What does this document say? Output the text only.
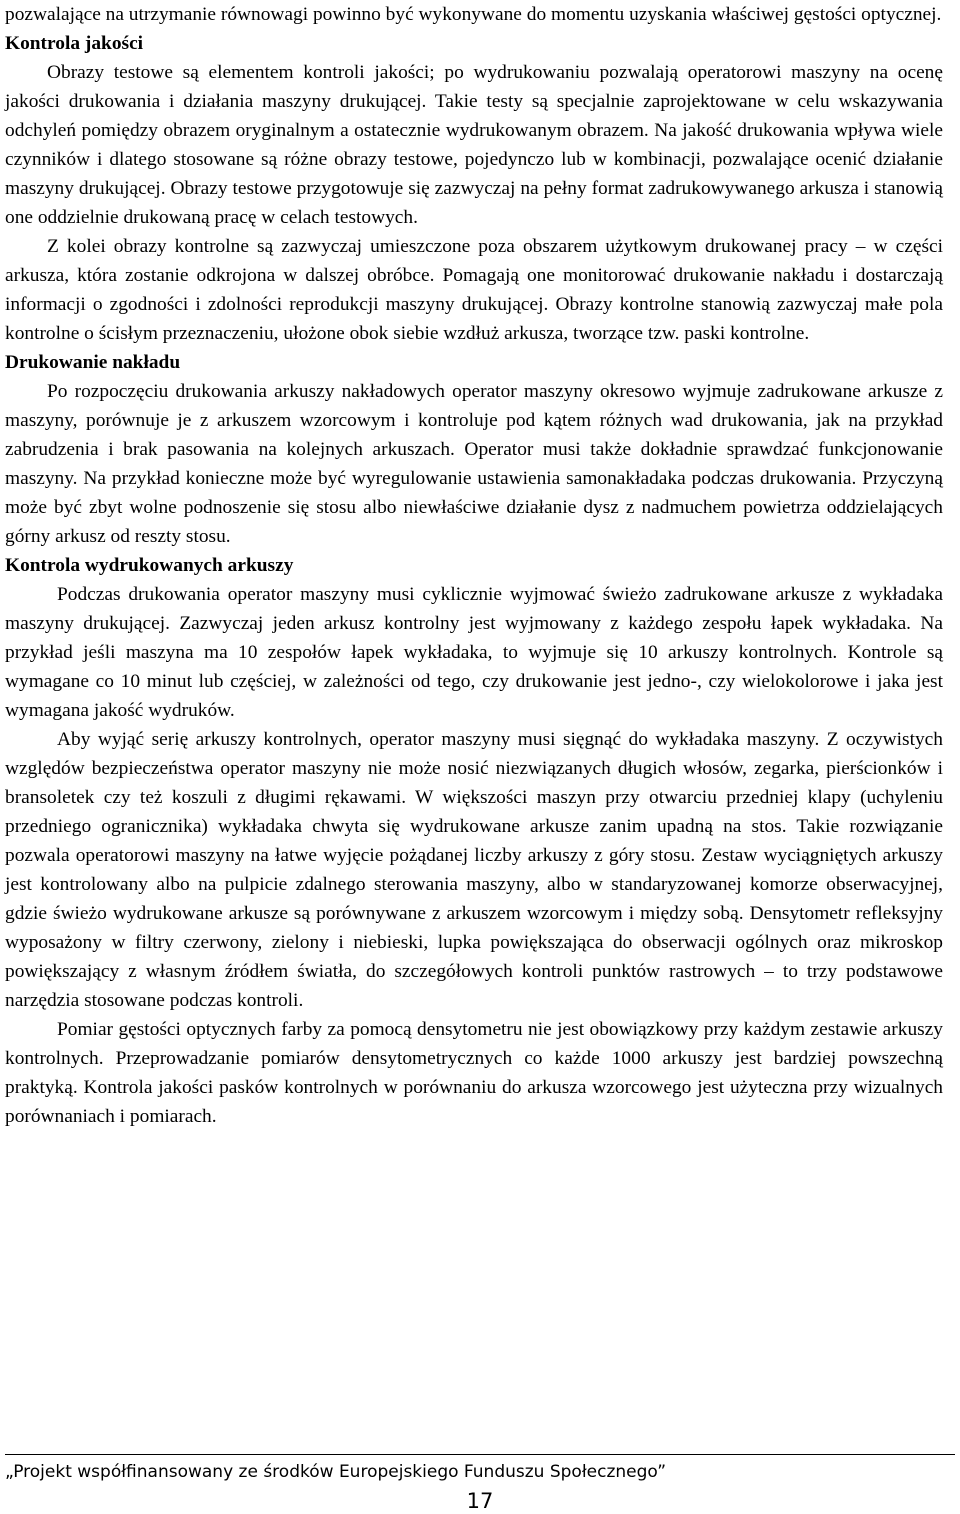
pozwalające na utrzymanie równowagi powinno być wykonywane do momentu uzyskania właściwej gęstości optycznej.

Kontrola jakości

Obrazy testowe są elementem kontroli jakości; po wydrukowaniu pozwalają operatorowi maszyny na ocenę jakości drukowania i działania maszyny drukującej. Takie testy są specjalnie zaprojektowane w celu wskazywania odchyleń pomiędzy obrazem oryginalnym a ostatecznie wydrukowanym obrazem. Na jakość drukowania wpływa wiele czynników i dlatego stosowane są różne obrazy testowe, pojedynczo lub w kombinacji, pozwalające ocenić działanie maszyny drukującej. Obrazy testowe przygotowuje się zazwyczaj na pełny format zadrukowywanego arkusza i stanowią one oddzielnie drukowaną pracę w celach testowych.

Z kolei obrazy kontrolne są zazwyczaj umieszczone poza obszarem użytkowym drukowanej pracy – w części arkusza, która zostanie odkrojona w dalszej obróbce. Pomagają one monitorować drukowanie nakładu i dostarczają informacji o zgodności i zdolności reprodukcji maszyny drukującej. Obrazy kontrolne stanowią zazwyczaj małe pola kontrolne o ścisłym przeznaczeniu, ułożone obok siebie wzdłuż arkusza, tworzące tzw. paski kontrolne.

Drukowanie nakładu

Po rozpoczęciu drukowania arkuszy nakładowych operator maszyny okresowo wyjmuje zadrukowane arkusze z maszyny, porównuje je z arkuszem wzorcowym i kontroluje pod kątem różnych wad drukowania, jak na przykład zabrudzenia i brak pasowania na kolejnych arkuszach. Operator musi także dokładnie sprawdzać funkcjonowanie maszyny. Na przykład konieczne może być wyregulowanie ustawienia samonakładaka podczas drukowania. Przyczyną może być zbyt wolne podnoszenie się stosu albo niewłaściwe działanie dysz z nadmuchem powietrza oddzielających górny arkusz od reszty stosu.

Kontrola wydrukowanych arkuszy

Podczas drukowania operator maszyny musi cyklicznie wyjmować świeżo zadrukowane arkusze z wykładaka maszyny drukującej. Zazwyczaj jeden arkusz kontrolny jest wyjmowany z każdego zespołu łapek wykładaka. Na przykład jeśli maszyna ma 10 zespołów łapek wykładaka, to wyjmuje się 10 arkuszy kontrolnych. Kontrole są wymagane co 10 minut lub częściej, w zależności od tego, czy drukowanie jest jedno-, czy wielokolorowe i jaka jest wymagana jakość wydruków.

Aby wyjąć serię arkuszy kontrolnych, operator maszyny musi sięgnąć do wykładaka maszyny. Z oczywistych względów bezpieczeństwa operator maszyny nie może nosić niezwiązanych długich włosów, zegarka, pierścionków i bransoletek czy też koszuli z długimi rękawami. W większości maszyn przy otwarciu przedniej klapy (uchyleniu przedniego ogranicznika) wykładaka chwyta się wydrukowane arkusze zanim upadną na stos. Takie rozwiązanie pozwala operatorowi maszyny na łatwe wyjęcie pożądanej liczby arkuszy z góry stosu. Zestaw wyciągniętych arkuszy jest kontrolowany albo na pulpicie zdalnego sterowania maszyny, albo w standaryzowanej komorze obserwacyjnej, gdzie świeżo wydrukowane arkusze są porównywane z arkuszem wzorcowym i między sobą. Densytometr refleksyjny wyposażony w filtry czerwony, zielony i niebieski, lupka powiększająca do obserwacji ogólnych oraz mikroskop powiększający z własnym źródłem światła, do szczegółowych kontroli punktów rastrowych – to trzy podstawowe narzędzia stosowane podczas kontroli.

Pomiar gęstości optycznych farby za pomocą densytometru nie jest obowiązkowy przy każdym zestawie arkuszy kontrolnych. Przeprowadzanie pomiarów densytometrycznych co każde 1000 arkuszy jest bardziej powszechną praktyką. Kontrola jakości pasków kontrolnych w porównaniu do arkusza wzorcowego jest użyteczna przy wizualnych porównaniach i pomiarach.

„Projekt współfinansowany ze środków Europejskiego Funduszu Społecznego”
17
